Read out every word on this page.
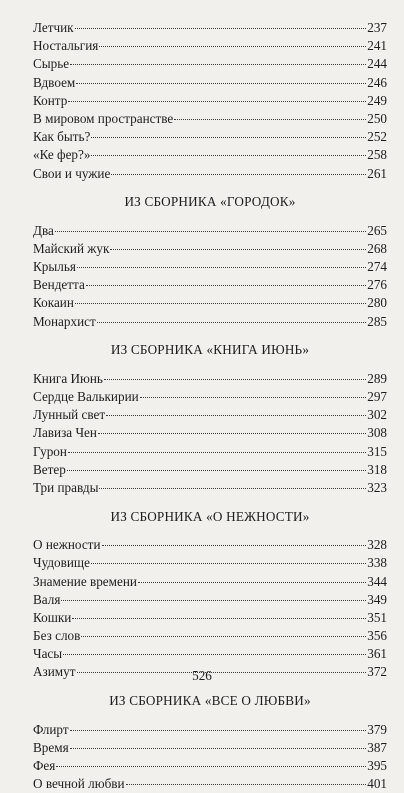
Летчик	237
Ностальгия	241
Сырье	244
Вдвоем	246
Контр	249
В мировом пространстве	250
Как быть?	252
«Ке фер?»	258
Свои и чужие	261
ИЗ СБОРНИКА «ГОРОДОК»
Два	265
Майский жук	268
Крылья	274
Вендетта	276
Кокаин	280
Монархист	285
ИЗ СБОРНИКА «КНИГА ИЮНЬ»
Книга Июнь	289
Сердце Валькирии	297
Лунный свет	302
Лавиза Чен	308
Гурон	315
Ветер	318
Три правды	323
ИЗ СБОРНИКА «О НЕЖНОСТИ»
О нежности	328
Чудовище	338
Знамение времени	344
Валя	349
Кошки	351
Без слов	356
Часы	361
Азимут	372
ИЗ СБОРНИКА «ВСЕ О ЛЮБВИ»
Флирт	379
Время	387
Фея	395
О вечной любви	401
526
